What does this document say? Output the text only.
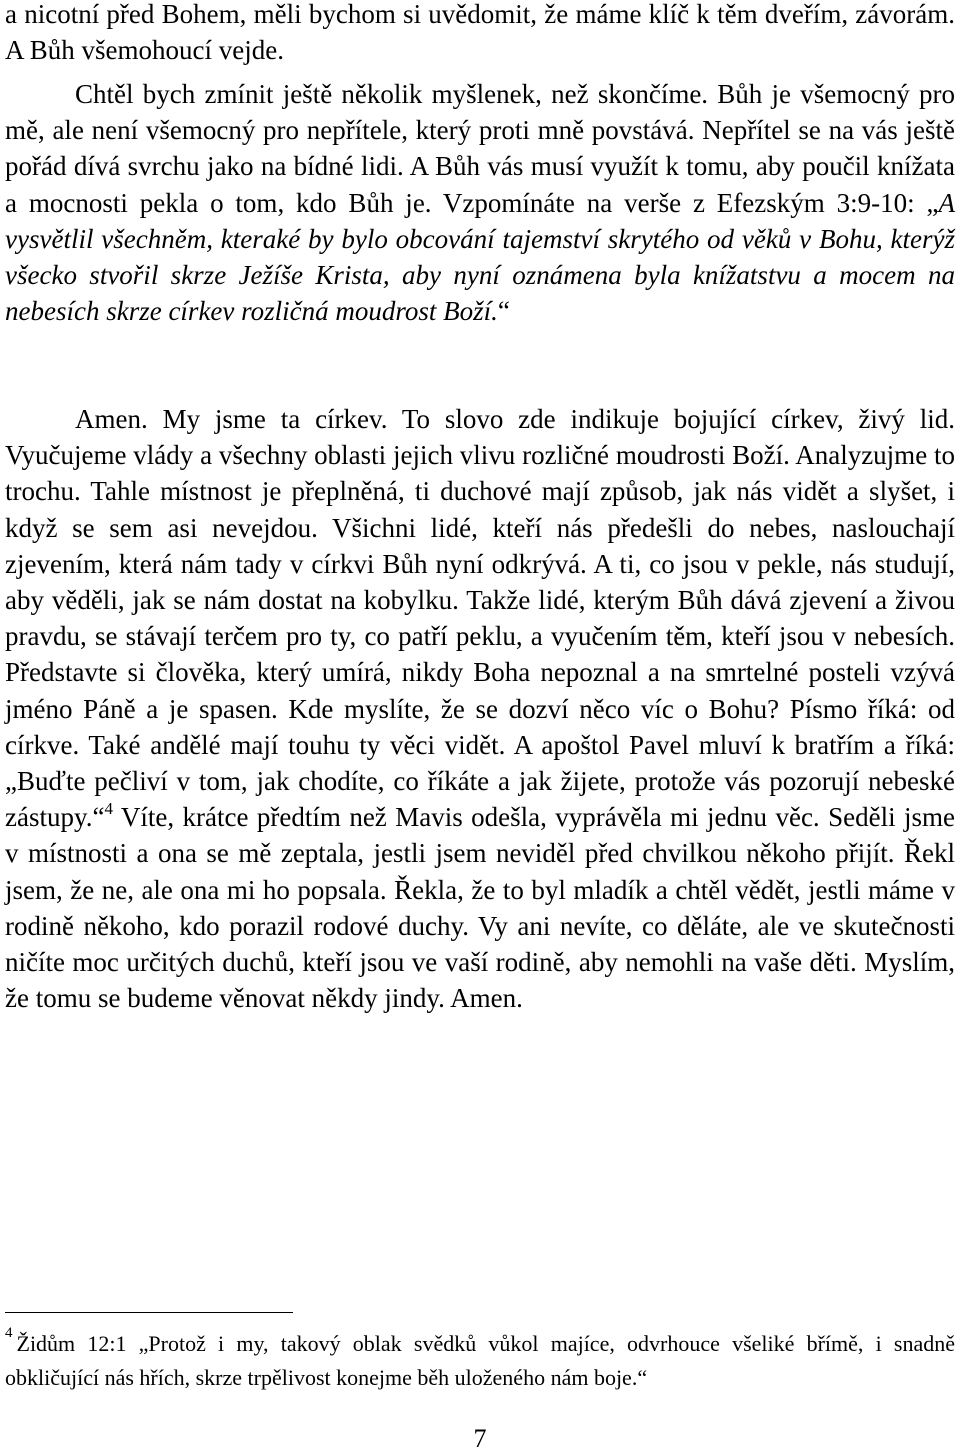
a nicotní před Bohem, měli bychom si uvědomit, že máme klíč k těm dveřím, závorám. A Bůh všemohoucí vejde.

Chtěl bych zmínit ještě několik myšlenek, než skončíme. Bůh je všemocný pro mě, ale není všemocný pro nepřítele, který proti mně povstává. Nepřítel se na vás ještě pořád dívá svrchu jako na bídné lidi. A Bůh vás musí využít k tomu, aby poučil knížata a mocnosti pekla o tom, kdo Bůh je. Vzpomínáte na verše z Efezským 3:9-10: „A vysvětlil všechněm, kteraké by bylo obcování tajemství skrytého od věků v Bohu, kterýž všecko stvořil skrze Ježíše Krista, aby nyní oznámena byla knížatstvu a mocem na nebesích skrze církev rozličná moudrost Boží.“

Amen. My jsme ta církev. To slovo zde indikuje bojující církev, živý lid. Vyučujeme vlády a všechny oblasti jejich vlivu rozličné moudrosti Boží. Analyzujme to trochu. Tahle místnost je přeplněná, ti duchové mají způsob, jak nás vidět a slyšet, i když se sem asi nevejdou. Všichni lidé, kteří nás předešli do nebes, naslouchají zjevením, která nám tady v církvi Bůh nyní odkrývá. A ti, co jsou v pekle, nás studují, aby věděli, jak se nám dostat na kobylku. Takže lidé, kterým Bůh dává zjevení a živou pravdu, se stávají terčem pro ty, co patří peklu, a vyučením těm, kteří jsou v nebesích. Představte si člověka, který umírá, nikdy Boha nepoznal a na smrtelné posteli vzývá jméno Páně a je spasen. Kde myslíte, že se dozví něco víc o Bohu? Písmo říká: od církve. Také andělé mají touhu ty věci vidět. A apoštol Pavel mluví k bratřím a říká: „Buďte pečliví v tom, jak chodíte, co říkáte a jak žijete, protože vás pozorují nebeské zástupy.“$^4$ Víte, krátce předtím než Mavis odešla, vyprávěla mi jednu věc. Seděli jsme v místnosti a ona se mě zeptala, jestli jsem neviděl před chvilkou někoho přijít. Řekl jsem, že ne, ale ona mi ho popsala. Řekla, že to byl mladík a chtěl vědět, jestli máme v rodině někoho, kdo porazil rodové duchy. Vy ani nevíte, co děláte, ale ve skutečnosti ničíte moc určitých duchů, kteří jsou ve vaší rodině, aby nemohli na vaše děti. Myslím, že tomu se budeme věnovat někdy jindy. Amen.

$^4$ Židům 12:1 „Protož i my, takový oblak svědků vůkol majíce, odvrhouce všeliké břímě, i snadně obkličující nás hřích, skrze trpělivost konejme běh uloženého nám boje.“

7
